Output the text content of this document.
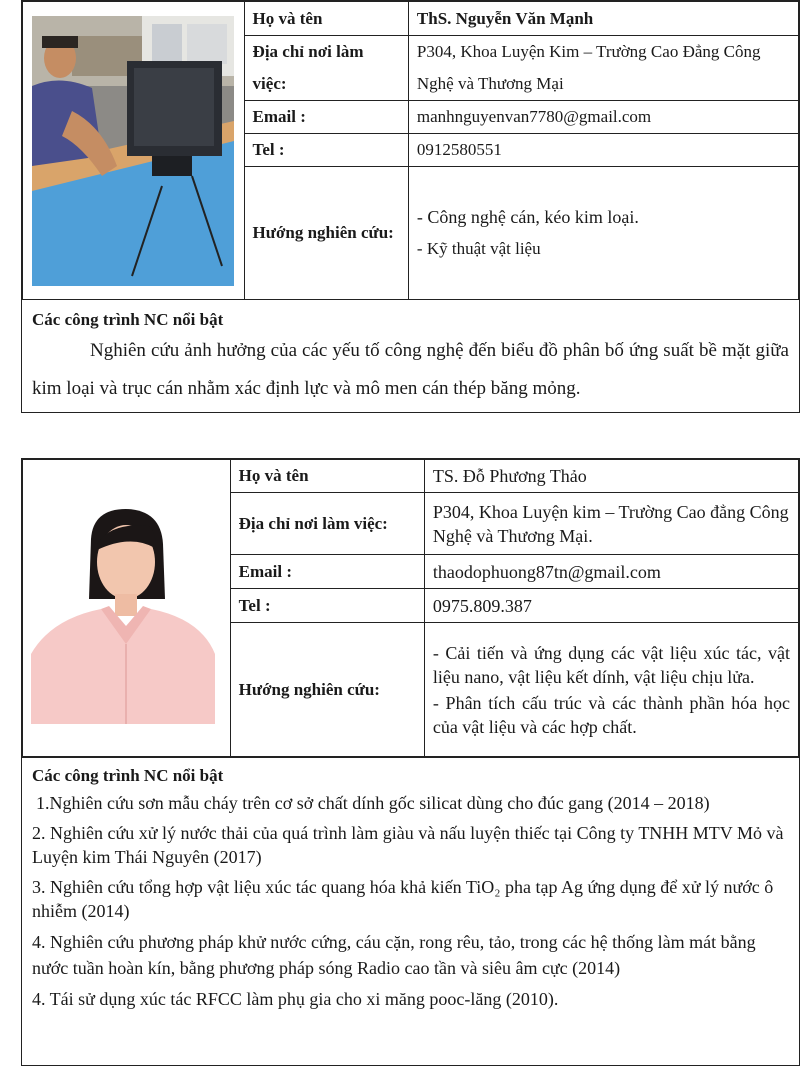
	Họ và tên	ThS. Nguyễn Văn Mạnh
	Địa chỉ nơi làm việc:	P304, Khoa Luyện Kim – Trường Cao Đẳng Công Nghệ và Thương Mại
	Email :	manhnguyenvan7780@gmail.com
	Tel :	0912580551
	Hướng nghiên cứu:	- Công nghệ cán, kéo kim loại.
- Kỹ thuật vật liệu
Các công trình NC nổi bật

Nghiên cứu ảnh hưởng của các yếu tố công nghệ đến biểu đồ phân bố ứng suất bề mặt giữa kim loại và trục cán nhằm xác định lực và mô men cán thép băng mỏng.

	Họ và tên	TS. Đỗ Phương Thảo
	Địa chỉ nơi làm việc:	P304, Khoa Luyện kim – Trường Cao đẳng Công Nghệ và Thương Mại.
	Email :	thaodophuong87tn@gmail.com
	Tel :	0975.809.387
	Hướng nghiên cứu:	- Cải tiến và ứng dụng các vật liệu xúc tác, vật liệu nano, vật liệu kết dính, vật liệu chịu lửa.
- Phân tích cấu trúc và các thành phần hóa học của vật liệu và các hợp chất.
Các công trình NC nổi bật
1.Nghiên cứu sơn mẫu cháy trên cơ sở chất dính gốc silicat dùng cho đúc gang (2014 – 2018)
2. Nghiên cứu xử lý nước thải của quá trình làm giàu và nấu luyện thiếc tại Công ty TNHH MTV Mỏ và Luyện kim Thái Nguyên (2017)
3. Nghiên cứu tổng hợp vật liệu xúc tác quang hóa khả kiến TiO₂ pha tạp Ag ứng dụng để xử lý nước ô nhiễm (2014)
4. Nghiên cứu phương pháp khử nước cứng, cáu cặn, rong rêu, tảo, trong các hệ thống làm mát bằng nước tuần hoàn kín, bằng phương pháp sóng Radio cao tần và siêu âm cực (2014)
4. Tái sử dụng xúc tác RFCC làm phụ gia cho xi măng pooc-lăng (2010).
